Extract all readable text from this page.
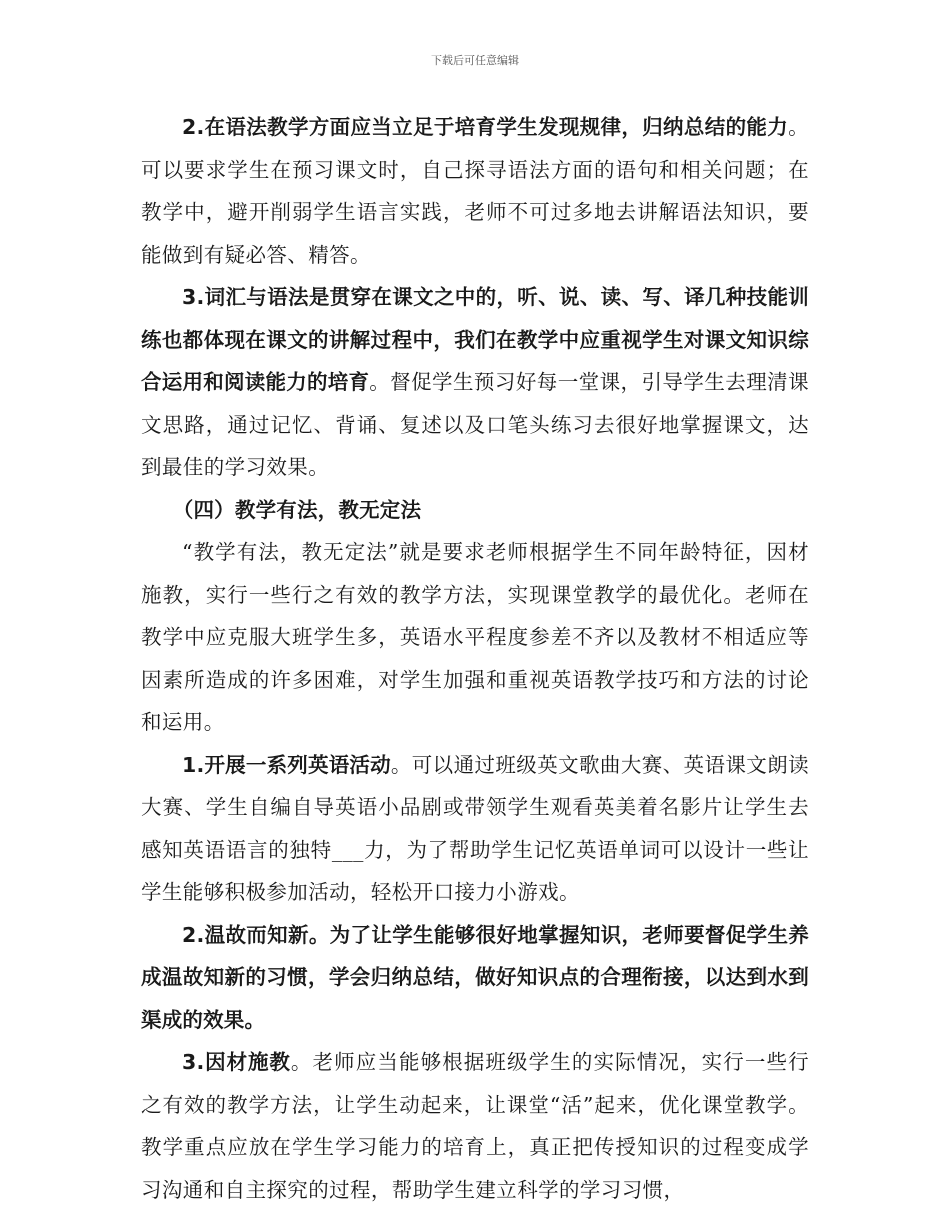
下载后可任意编辑

2.在语法教学方面应当立足于培育学生发现规律，归纳总结的能力。可以要求学生在预习课文时，自己探寻语法方面的语句和相关问题；在教学中，避开削弱学生语言实践，老师不可过多地去讲解语法知识，要能做到有疑必答、精答。

3.词汇与语法是贯穿在课文之中的，听、说、读、写、译几种技能训练也都体现在课文的讲解过程中，我们在教学中应重视学生对课文知识综合运用和阅读能力的培育。督促学生预习好每一堂课，引导学生去理清课文思路，通过记忆、背诵、复述以及口笔头练习去很好地掌握课文，达到最佳的学习效果。

（四）教学有法，教无定法

“教学有法，教无定法”就是要求老师根据学生不同年龄特征，因材施教，实行一些行之有效的教学方法，实现课堂教学的最优化。老师在教学中应克服大班学生多，英语水平程度参差不齐以及教材不相适应等因素所造成的许多困难，对学生加强和重视英语教学技巧和方法的讨论和运用。

1.开展一系列英语活动。可以通过班级英文歌曲大赛、英语课文朗读大赛、学生自编自导英语小品剧或带领学生观看英美着名影片让学生去感知英语语言的独特___力，为了帮助学生记忆英语单词可以设计一些让学生能够积极参加活动，轻松开口接力小游戏。

2.温故而知新。为了让学生能够很好地掌握知识，老师要督促学生养成温故知新的习惯，学会归纳总结，做好知识点的合理衔接，以达到水到渠成的效果。

3.因材施教。老师应当能够根据班级学生的实际情况，实行一些行之有效的教学方法，让学生动起来，让课堂“活”起来，优化课堂教学。教学重点应放在学生学习能力的培育上，真正把传授知识的过程变成学习沟通和自主探究的过程，帮助学生建立科学的学习习惯，
